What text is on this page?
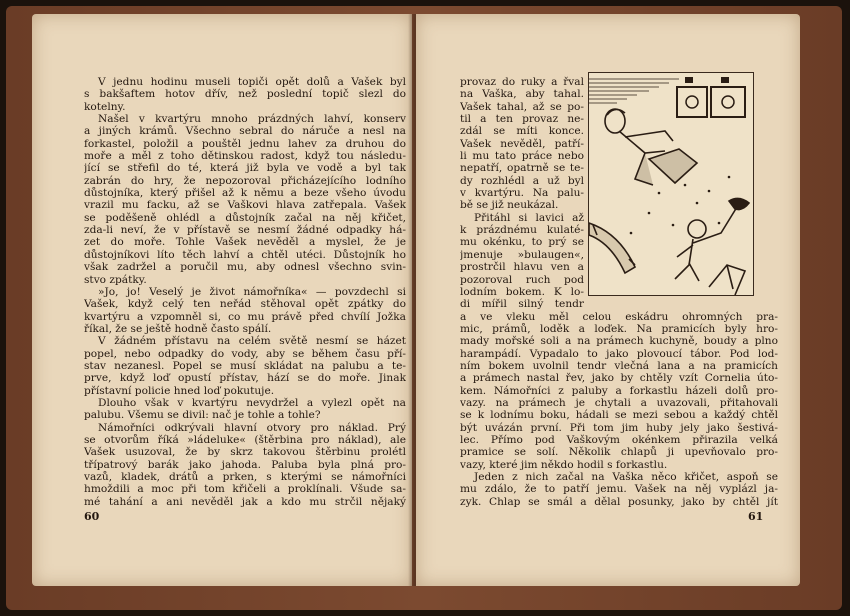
V jednu hodinu museli topiči opět dolů a Vašek byl
s bakšaftem hotov dřív, než poslední topič slezl do
kotelny.
Našel v kvartýru mnoho prázdných lahví, konserv
a jiných krámů. Všechno sebral do náruče a nesl na
forkastel, položil a pouštěl jednu lahev za druhou do
moře a měl z toho dětinskou radost, když tou následu-
jící se střefil do té, která již byla ve vodě a byl tak
zabrán do hry, že nepozoroval přicházejícího lodního
důstojníka, který přišel až k němu a beze všeho úvodu
vrazil mu facku, až se Vaškovi hlava zatřepala. Vašek
se poděšeně ohlédl a důstojník začal na něj křičet,
zda-li neví, že v přístavě se nesmí žádné odpadky há-
zet do moře. Tohle Vašek nevěděl a myslel, že je
důstojníkovi líto těch lahví a chtěl utéci. Důstojník ho
však zadržel a poručil mu, aby odnesl všechno svin-
stvo zpátky.
»Jo, jo! Veselý je život námořníka« — povzdechl si
Vašek, když celý ten neřád stěhoval opět zpátky do
kvartýru a vzpomněl si, co mu právě před chvílí Jožka
říkal, že se ještě hodně často spálí.
V žádném přístavu na celém světě nesmí se házet
popel, nebo odpadky do vody, aby se během času pří-
stav nezanesl. Popel se musí skládat na palubu a te-
prve, když loď opustí přístav, hází se do moře. Jinak
přístavní policie hned loď pokutuje.
Dlouho však v kvartýru nevydržel a vylezl opět na
palubu. Všemu se divil: nač je tohle a tohle?
Námořníci odkrývali hlavní otvory pro náklad. Prý
se otvorům říká »ládeluke« (štěrbina pro náklad), ale
Vašek usuzoval, že by skrz takovou štěrbinu prolétl
třípatrový barák jako jahoda. Paluba byla plná pro-
vazů, kladek, drátů a prken, s kterými se námořníci
hmoždili a moc při tom křičeli a proklínali. Všude sa-
mé tahání a ani nevěděl jak a kdo mu strčil nějaký
60
provaz do ruky a řval
na Vaška, aby tahal.
Vašek tahal, až se po-
til a ten provaz ne-
zdál se míti konce.
Vašek nevěděl, patří-
li mu tato práce nebo
nepatří, opatrně se te-
dy rozhlédl a už byl
v kvartýru. Na palu-
bě se již neukázal.
Přitáhl si lavici až
k prázdnému kulaté-
mu okénku, to prý se
jmenuje »bulaugen«,
prostrčil hlavu ven a
pozoroval ruch pod
lodním bokem. K lo-
di mířil silný tendr
a ve vleku měl celou eskádru ohromných pra-
mic, prámů, loděk a loďek. Na pramicích byly hro-
mady mořské soli a na prámech kuchyně, boudy a plno
harampádí. Vypadalo to jako plovoucí tábor. Pod lod-
ním bokem uvolnil tendr vlečná lana a na pramicích
a prámech nastal řev, jako by chtěly vzít Cornelia úto-
kem. Námořníci z paluby a forkastlu házeli dolů pro-
vazy. na prámech je chytali a uvazovali, přitahovali
se k lodnímu boku, hádali se mezi sebou a každý chtěl
být uvázán první. Při tom jim huby jely jako šestivá-
lec. Přímo pod Vaškovým okénkem přirazila velká
pramice se solí. Několik chlapů ji upevňovalo pro-
vazy, které jim někdo hodil s forkastlu.
Jeden z nich začal na Vaška něco křičet, aspoň se
mu zdálo, že to patří jemu. Vašek na něj vyplázl ja-
zyk. Chlap se smál a dělal posunky, jako by chtěl jít
61
